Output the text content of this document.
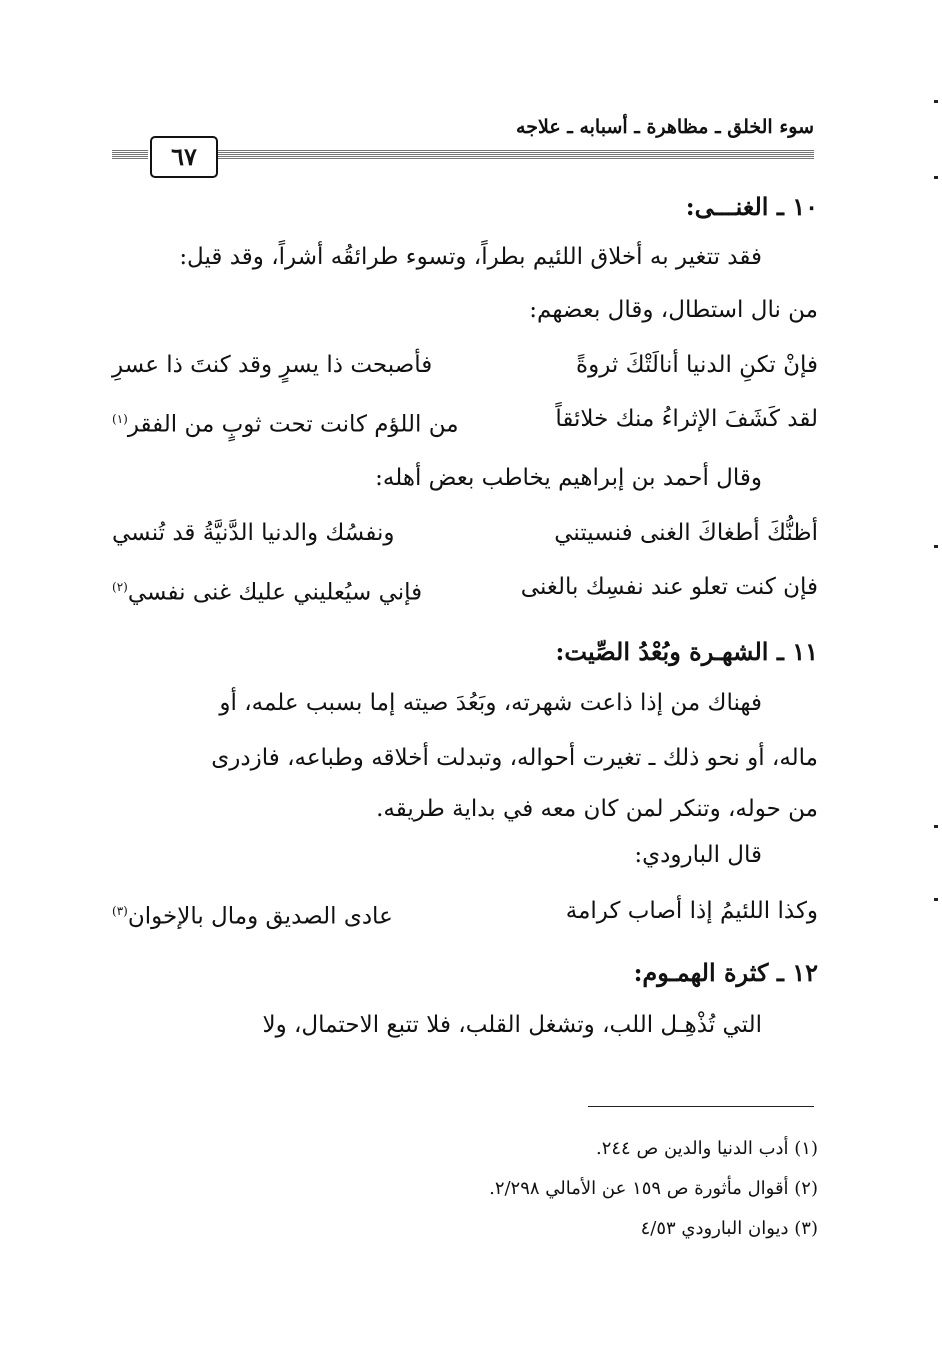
سوء الخلق ـ مظاهرة ـ أسبابه ـ علاجه
٦٧
١٠ ـ الغنـــى:
فقد تتغير به أخلاق اللئيم بطراً، وتسوء طرائقُه أشراً، وقد قيل:
من نال استطال، وقال بعضهم:
فإنْ تكنِ الدنيا أنالَتْكَ ثروةً
فأصبحت ذا يسرٍ وقد كنتَ ذا عسرِ
لقد كَشَفَ الإثراءُ منك خلائقاً
من اللؤم كانت تحت ثوبٍ من الفقر$^{(١)}$
وقال أحمد بن إبراهيم يخاطب بعض أهله:
أظنُّكَ أطغاكَ الغنى فنسيتني
ونفسُك والدنيا الدَّنيَّةُ قد تُنسي
فإن كنت تعلو عند نفسِك بالغنى
فإني سيُعليني عليك غنى نفسي$^{(٢)}$
١١ ـ الشهـرة وبُعْدُ الصِّيت:
فهناك من إذا ذاعت شهرته، وبَعُدَ صيته إما بسبب علمه، أو
ماله، أو نحو ذلك ـ تغيرت أحواله، وتبدلت أخلاقه وطباعه، فازدرى
من حوله، وتنكر لمن كان معه في بداية طريقه.
قال البارودي:
وكذا اللئيمُ إذا أصاب كرامة
عادى الصديق ومال بالإخوان$^{(٣)}$
١٢ ـ كثرة الهمـوم:
التي تُذْهِـل اللب، وتشغل القلب، فلا تتبع الاحتمال، ولا
(١) أدب الدنيا والدين ص ٢٤٤.
(٢) أقوال مأثورة ص ١٥٩ عن الأمالي ٢/٢٩٨.
(٣) ديوان البارودي ٤/٥٣
